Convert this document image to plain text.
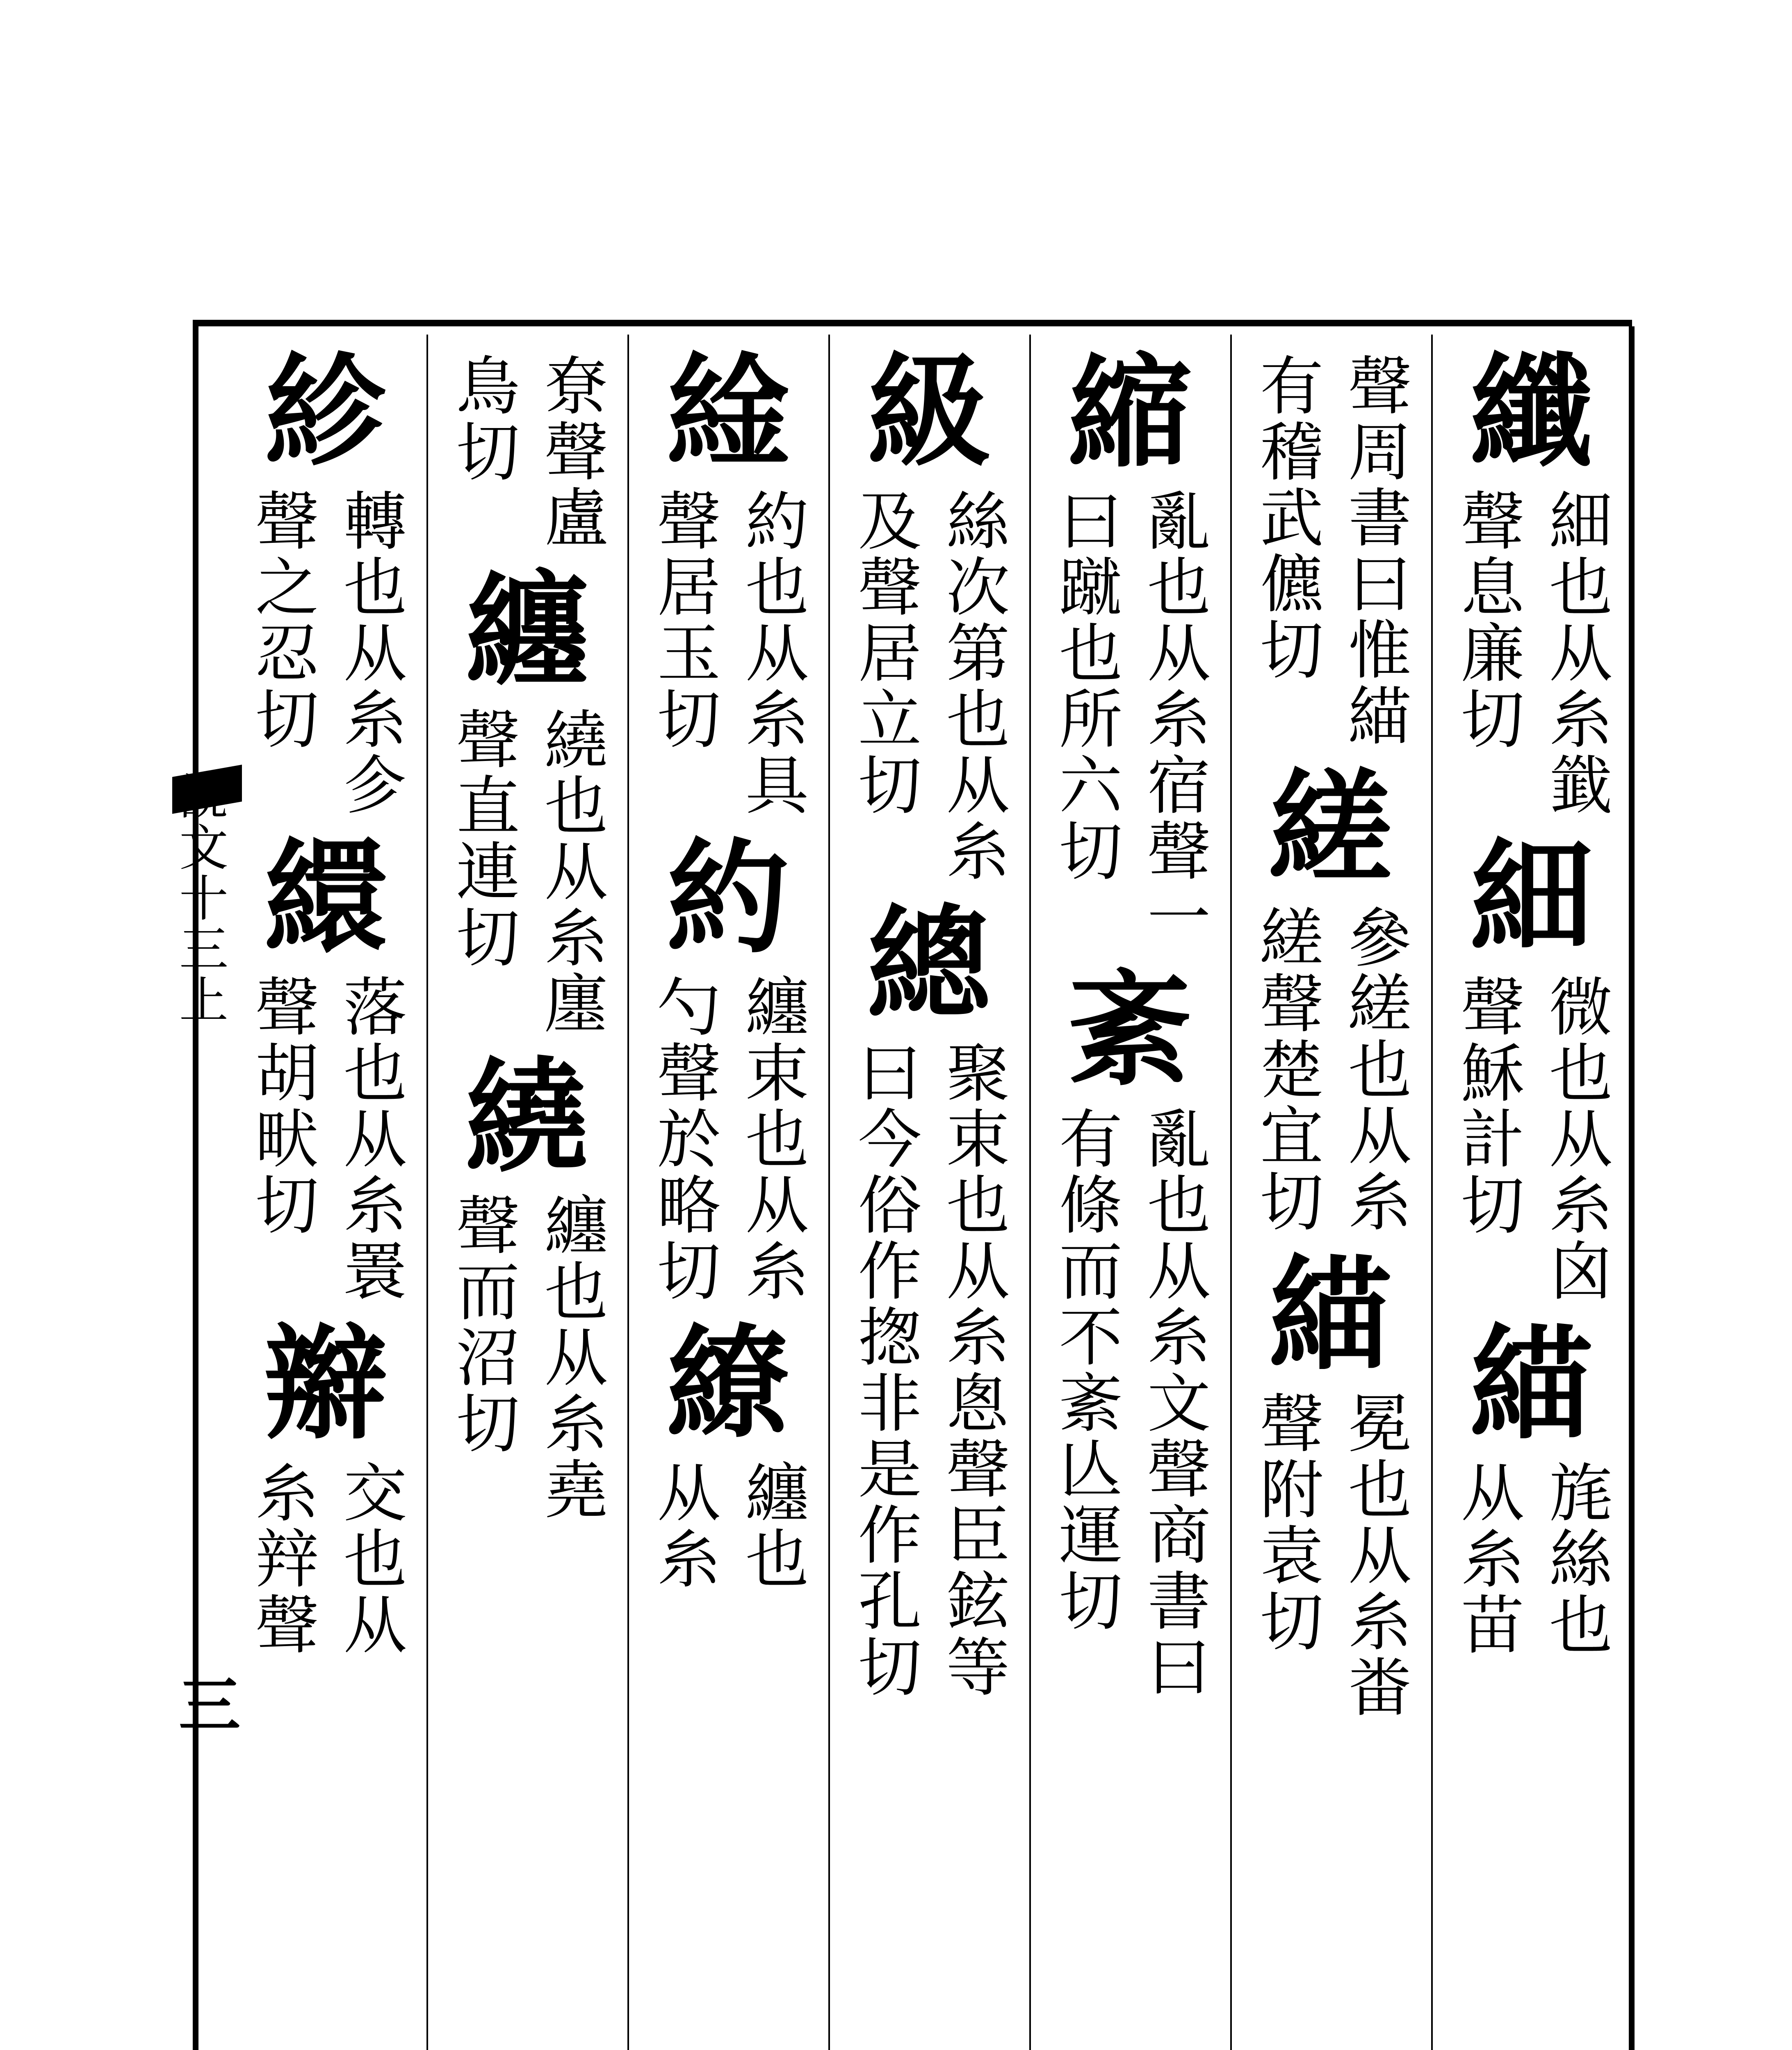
說文十三上
三
纖
細也从糸韱
聲息廉切
細
微也从糸囟
聲穌計切
緢
旄絲也
从糸苗
聲周書曰惟緢
有稽武儦切
縒
參縒也从糸
縒聲楚宜切
緢
冕也从糸畨
聲附袁切
縮
亂也从糸宿聲一
曰蹴也所六切
紊
亂也从糸文聲商書曰
有條而不紊亾運切
級
絲次第也从糸
及聲居立切
總
聚束也从糸悤聲臣鉉等
曰今俗作揔非是作孔切
䋮
約也从糸具
聲居玉切
約
纏束也从糸
勺聲於略切
繚
纏也
从糸
尞聲盧
鳥切
纏
繞也从糸廛
聲直連切
繞
纏也从糸堯
聲而沼切
紾
轉也从糸㐱
聲之忍切
繯
落也从糸瞏
聲胡畎切
辮
交也从
糸辡聲
